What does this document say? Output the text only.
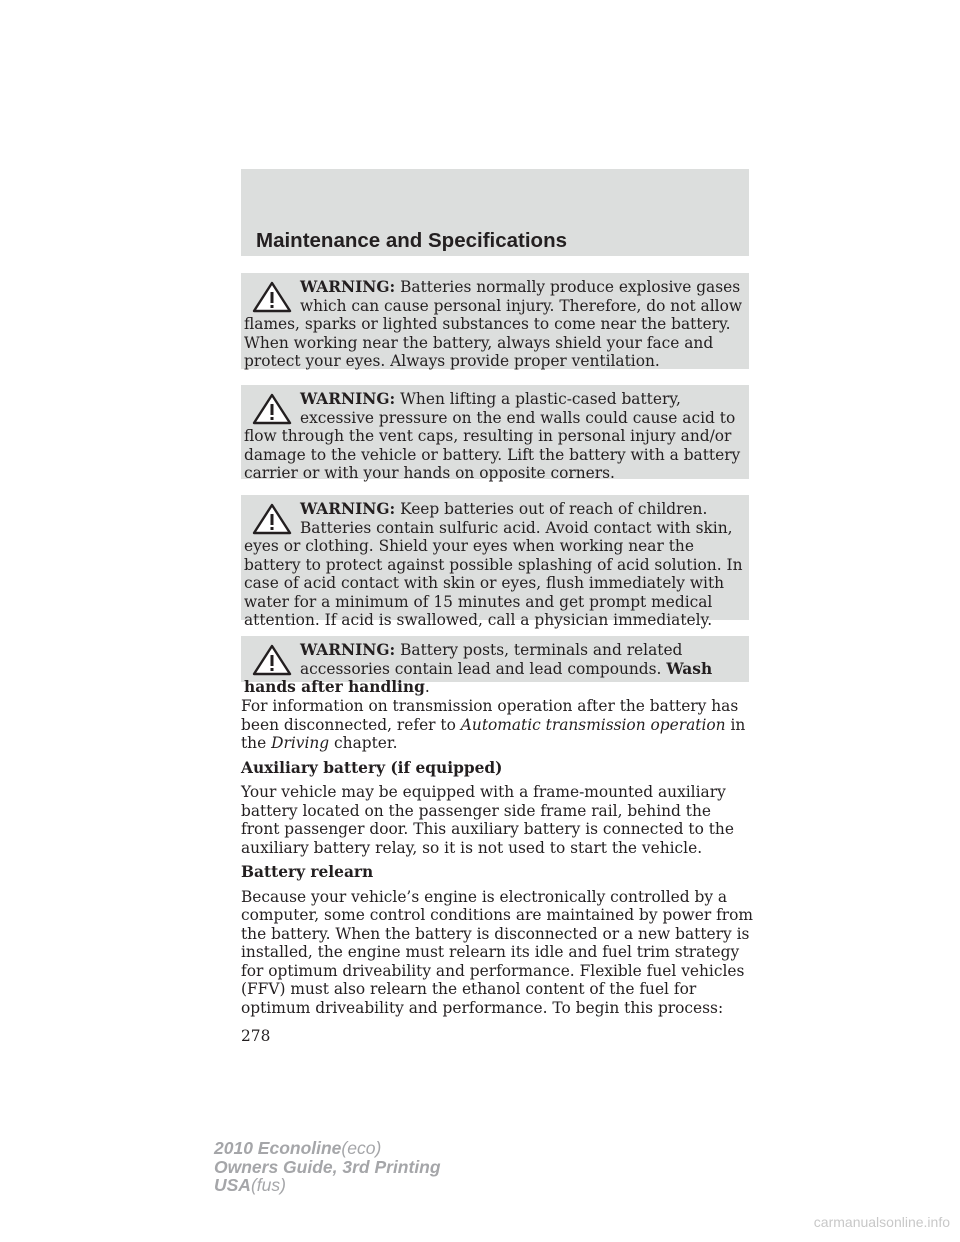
Maintenance and Specifications
WARNING: Batteries normally produce explosive gases which can cause personal injury. Therefore, do not allow flames, sparks or lighted substances to come near the battery. When working near the battery, always shield your face and protect your eyes. Always provide proper ventilation.
WARNING: When lifting a plastic-cased battery, excessive pressure on the end walls could cause acid to flow through the vent caps, resulting in personal injury and/or damage to the vehicle or battery. Lift the battery with a battery carrier or with your hands on opposite corners.
WARNING: Keep batteries out of reach of children. Batteries contain sulfuric acid. Avoid contact with skin, eyes or clothing. Shield your eyes when working near the battery to protect against possible splashing of acid solution. In case of acid contact with skin or eyes, flush immediately with water for a minimum of 15 minutes and get prompt medical attention. If acid is swallowed, call a physician immediately.
WARNING: Battery posts, terminals and related accessories contain lead and lead compounds. Wash hands after handling.

For information on transmission operation after the battery has been disconnected, refer to Automatic transmission operation in the Driving chapter.

Auxiliary battery (if equipped)

Your vehicle may be equipped with a frame-mounted auxiliary battery located on the passenger side frame rail, behind the front passenger door. This auxiliary battery is connected to the auxiliary battery relay, so it is not used to start the vehicle.

Battery relearn

Because your vehicle’s engine is electronically controlled by a computer, some control conditions are maintained by power from the battery. When the battery is disconnected or a new battery is installed, the engine must relearn its idle and fuel trim strategy for optimum driveability and performance. Flexible fuel vehicles (FFV) must also relearn the ethanol content of the fuel for optimum driveability and performance. To begin this process:

278
2010 Econoline(eco)
Owners Guide, 3rd Printing
USA(fus)
carmanualsonline.info
